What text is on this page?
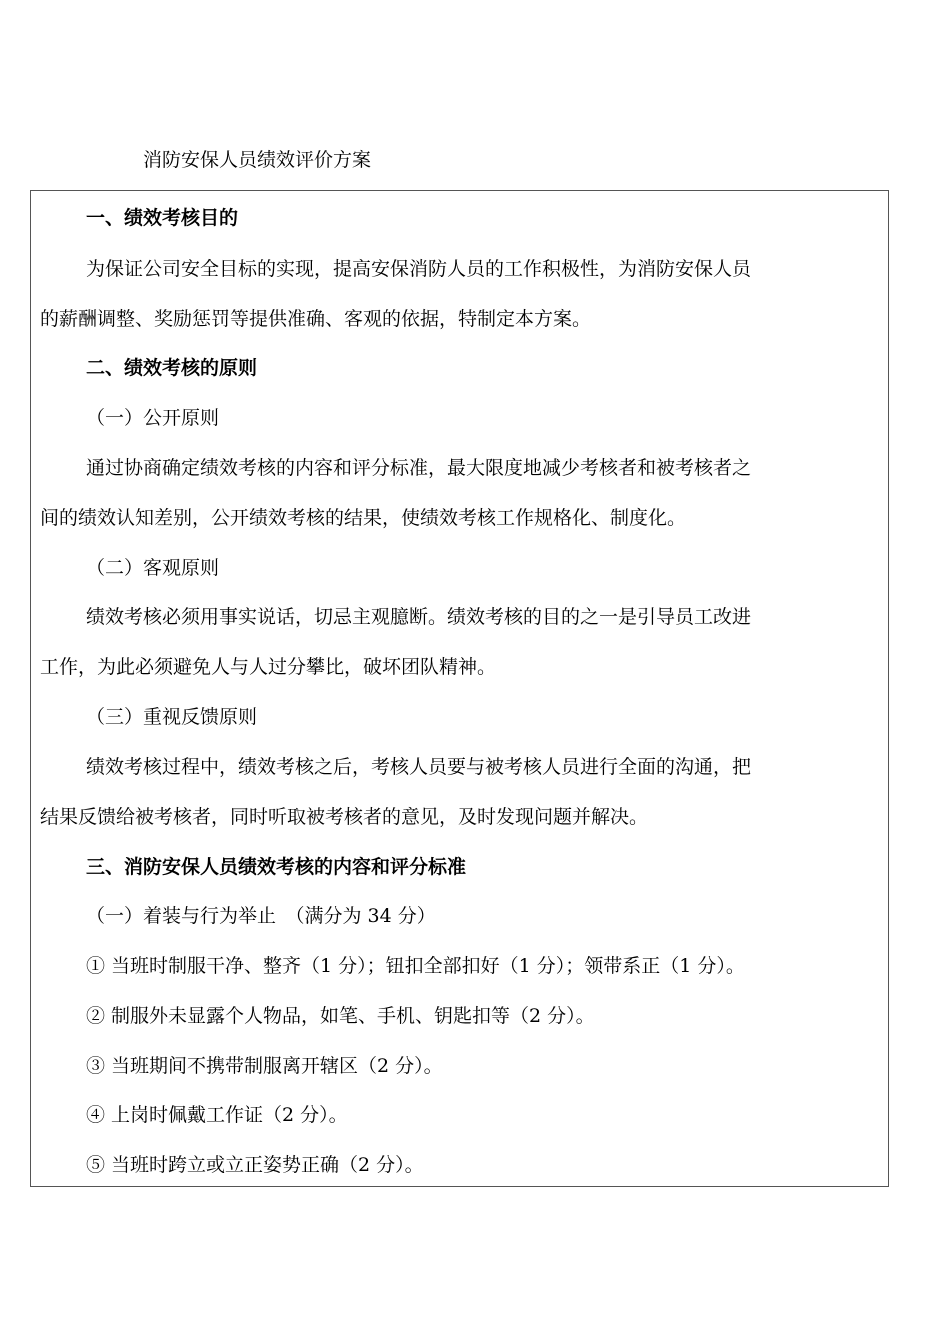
消防安保人员绩效评价方案
一、绩效考核目的
为保证公司安全目标的实现，提高安保消防人员的工作积极性，为消防安保人员
的薪酬调整、奖励惩罚等提供准确、客观的依据，特制定本方案。
二、绩效考核的原则
（一）公开原则
通过协商确定绩效考核的内容和评分标准，最大限度地减少考核者和被考核者之
间的绩效认知差别，公开绩效考核的结果，使绩效考核工作规格化、制度化。
（二）客观原则
绩效考核必须用事实说话，切忌主观臆断。绩效考核的目的之一是引导员工改进
工作，为此必须避免人与人过分攀比，破坏团队精神。
（三）重视反馈原则
绩效考核过程中，绩效考核之后，考核人员要与被考核人员进行全面的沟通，把
结果反馈给被考核者，同时听取被考核者的意见，及时发现问题并解决。
三、消防安保人员绩效考核的内容和评分标准
（一）着装与行为举止　（满分为 34 分）
① 当班时制服干净、整齐（1 分）；钮扣全部扣好（1 分）；领带系正（1 分）。
② 制服外未显露个人物品，如笔、手机、钥匙扣等（2 分）。
③ 当班期间不携带制服离开辖区（2 分）。
④ 上岗时佩戴工作证（2 分）。
⑤ 当班时跨立或立正姿势正确（2 分）。
